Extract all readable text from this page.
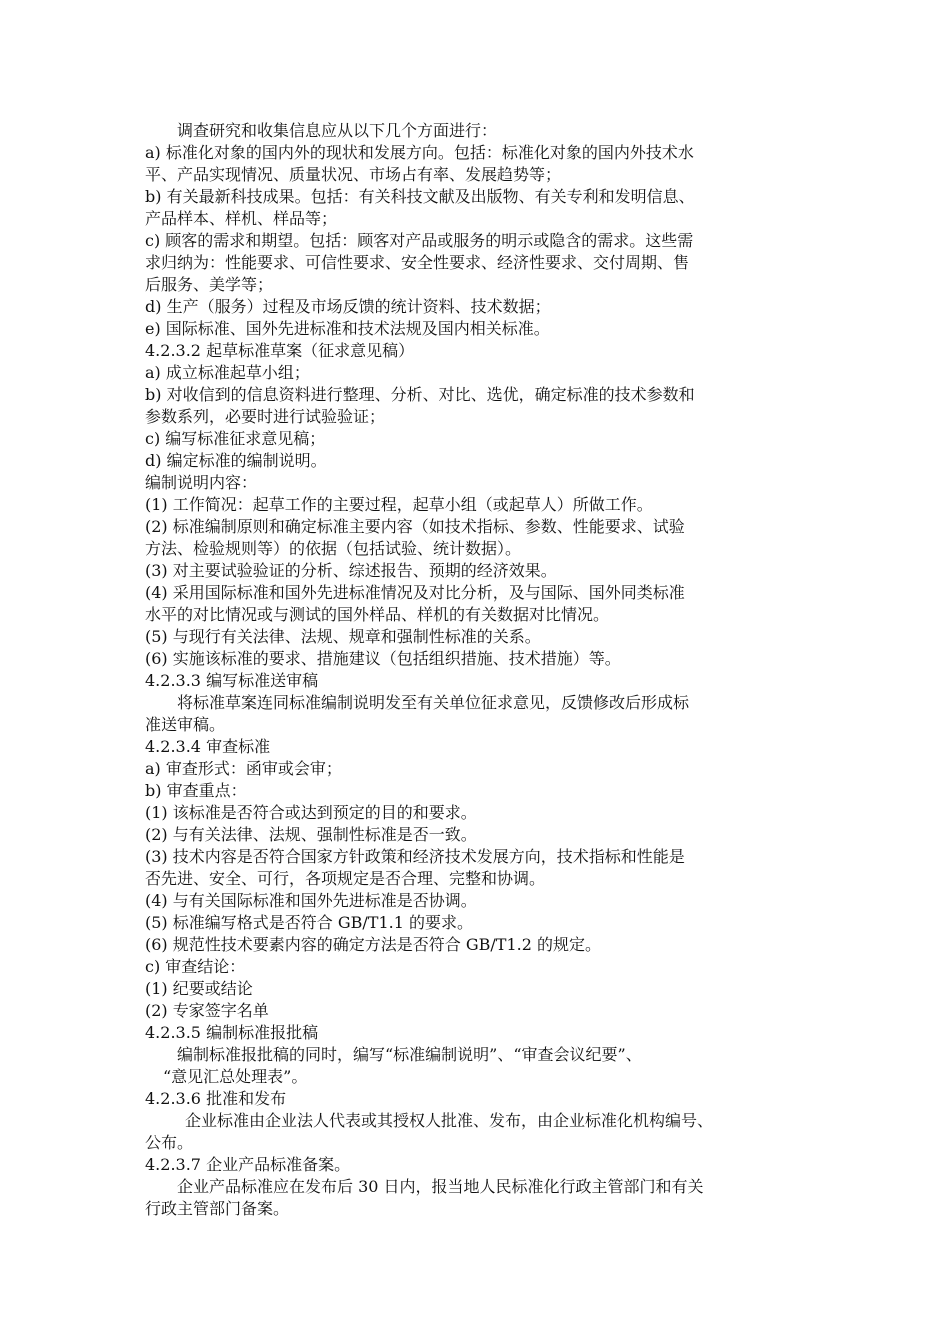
调查研究和收集信息应从以下几个方面进行：
a) 标准化对象的国内外的现状和发展方向。包括：标准化对象的国内外技术水
平、产品实现情况、质量状况、市场占有率、发展趋势等；
b) 有关最新科技成果。包括：有关科技文献及出版物、有关专利和发明信息、
产品样本、样机、样品等；
c) 顾客的需求和期望。包括：顾客对产品或服务的明示或隐含的需求。这些需
求归纳为：性能要求、可信性要求、安全性要求、经济性要求、交付周期、售
后服务、美学等；
d) 生产（服务）过程及市场反馈的统计资料、技术数据；
e) 国际标准、国外先进标准和技术法规及国内相关标准。
4.2.3.2 起草标准草案（征求意见稿）
a) 成立标准起草小组；
b) 对收信到的信息资料进行整理、分析、对比、选优，确定标准的技术参数和
参数系列，必要时进行试验验证；
c) 编写标准征求意见稿；
d) 编定标准的编制说明。
编制说明内容：
(1) 工作简况：起草工作的主要过程，起草小组（或起草人）所做工作。
(2) 标准编制原则和确定标准主要内容（如技术指标、参数、性能要求、试验
方法、检验规则等）的依据（包括试验、统计数据）。
(3) 对主要试验验证的分析、综述报告、预期的经济效果。
(4) 采用国际标准和国外先进标准情况及对比分析，及与国际、国外同类标准
水平的对比情况或与测试的国外样品、样机的有关数据对比情况。
(5) 与现行有关法律、法规、规章和强制性标准的关系。
(6) 实施该标准的要求、措施建议（包括组织措施、技术措施）等。
4.2.3.3 编写标准送审稿
将标准草案连同标准编制说明发至有关单位征求意见，反馈修改后形成标
准送审稿。
4.2.3.4 审查标准
a) 审查形式：函审或会审；
b) 审查重点：
(1) 该标准是否符合或达到预定的目的和要求。
(2) 与有关法律、法规、强制性标准是否一致。
(3) 技术内容是否符合国家方针政策和经济技术发展方向，技术指标和性能是
否先进、安全、可行，各项规定是否合理、完整和协调。
(4) 与有关国际标准和国外先进标准是否协调。
(5) 标准编写格式是否符合 GB/T1.1 的要求。
(6) 规范性技术要素内容的确定方法是否符合 GB/T1.2 的规定。
c) 审查结论：
(1) 纪要或结论
(2) 专家签字名单
4.2.3.5 编制标准报批稿
编制标准报批稿的同时，编写“标准编制说明”、“审查会议纪要”、
“意见汇总处理表”。
4.2.3.6 批准和发布
企业标准由企业法人代表或其授权人批准、发布，由企业标准化机构编号、
公布。
4.2.3.7 企业产品标准备案。
企业产品标准应在发布后 30 日内，报当地人民标准化行政主管部门和有关
行政主管部门备案。
